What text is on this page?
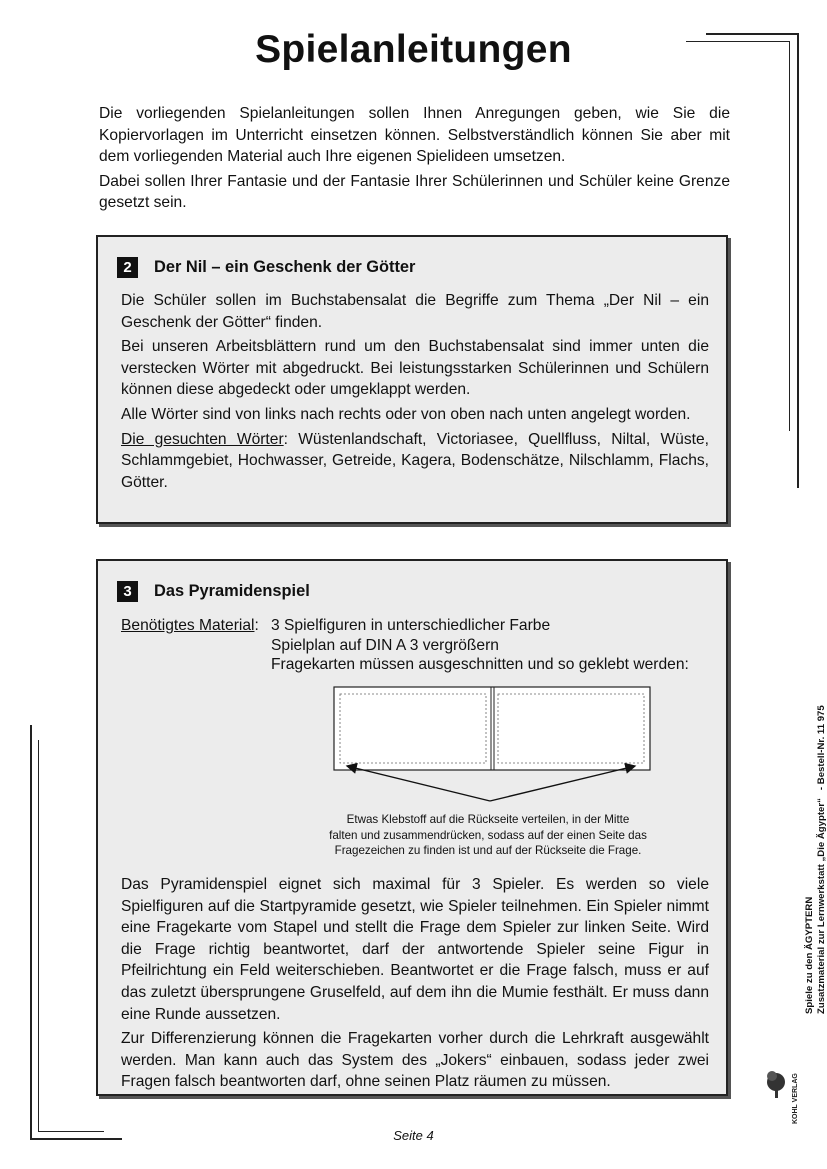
Spielanleitungen

Die vorliegenden Spielanleitungen sollen Ihnen Anregungen geben, wie Sie die Kopiervorlagen im Unterricht einsetzen können. Selbstverständlich können Sie aber mit dem vorliegenden Material auch Ihre eigenen Spielideen umsetzen.

Dabei sollen Ihrer Fantasie und der Fantasie Ihrer Schülerinnen und Schüler keine Grenze gesetzt sein.

2	Der Nil – ein Geschenk der Götter

Die Schüler sollen im Buchstabensalat die Begriffe zum Thema „Der Nil – ein Geschenk der Götter“ finden.

Bei unseren Arbeitsblättern rund um den Buchstabensalat sind immer unten die verstecken Wörter mit abgedruckt. Bei leistungsstarken Schülerinnen und Schülern können diese abgedeckt oder umgeklappt werden.

Alle Wörter sind von links nach rechts oder von oben nach unten angelegt worden.

Die gesuchten Wörter: Wüstenlandschaft, Victoriasee, Quellfluss, Niltal, Wüste, Schlammgebiet, Hochwasser, Getreide, Kagera, Bodenschätze, Nilschlamm, Flachs, Götter.

3	Das Pyramidenspiel
Benötigtes Material: 3 Spielfiguren in unterschiedlicher Farbe
Spielplan auf DIN A 3 vergrößern
Fragekarten müssen ausgeschnitten und so geklebt werden:
Etwas Klebstoff auf die Rückseite verteilen, in der Mitte
falten und zusammendrücken, sodass auf der einen Seite das
Fragezeichen zu finden ist und auf der Rückseite die Frage.

Das Pyramidenspiel eignet sich maximal für 3 Spieler. Es werden so viele Spielfiguren auf die Startpyramide gesetzt, wie Spieler teilnehmen. Ein Spieler nimmt eine Fragekarte vom Stapel und stellt die Frage dem Spieler zur linken Seite. Wird die Frage richtig beantwortet, darf der antwortende Spieler seine Figur in Pfeilrichtung ein Feld weiterschieben. Beantwortet er die Frage falsch, muss er auf das zuletzt übersprungene Gruselfeld, auf dem ihn die Mumie festhält. Er muss dann eine Runde aussetzen.

Zur Differenzierung können die Fragekarten vorher durch die Lehrkraft ausgewählt werden. Man kann auch das System des „Jokers“ einbauen, sodass jeder zwei Fragen falsch beantworten darf, ohne seinen Platz räumen zu müssen.

Spiele zu den ÄGYPTERN Zusatzmaterial zur Lernwerkstatt „Die Ägypter“   - Bestell-Nr. 11 975
KOHL VERLAG
Seite 4
